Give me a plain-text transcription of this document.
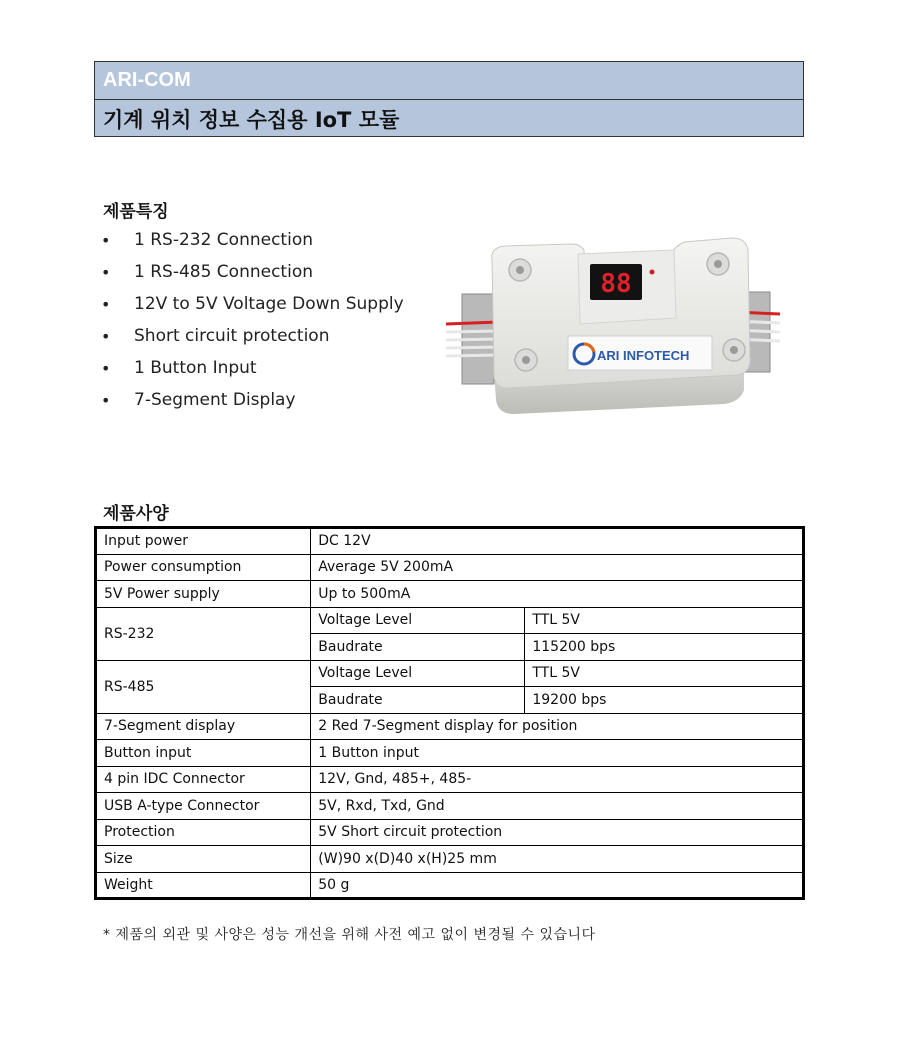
ARI-COM
기계 위치 정보 수집용 IoT 모듈
제품특징
•	1 RS-232 Connection
•	1 RS-485 Connection
•	12V to 5V Voltage Down Supply
•	Short circuit protection
•	1 Button Input
•	7-Segment Display
88
ARI INFOTECH
제품사양
Input power	DC 12V	
Power consumption	Average 5V 200mA	
5V Power supply	Up to 500mA	
RS-232	Voltage Level	TTL 5V
	Baudrate	115200 bps
RS-485	Voltage Level	TTL 5V
	Baudrate	19200 bps
7-Segment display	2 Red 7-Segment display for position	
Button input	1 Button input	
4 pin IDC Connector	12V, Gnd, 485+, 485-	
USB A-type Connector	5V, Rxd, Txd, Gnd	
Protection	5V Short circuit protection	
Size	(W)90 x(D)40 x(H)25 mm	
Weight	50 g	
* 제품의 외관 및 사양은 성능 개선을 위해 사전 예고 없이 변경될 수 있습니다
